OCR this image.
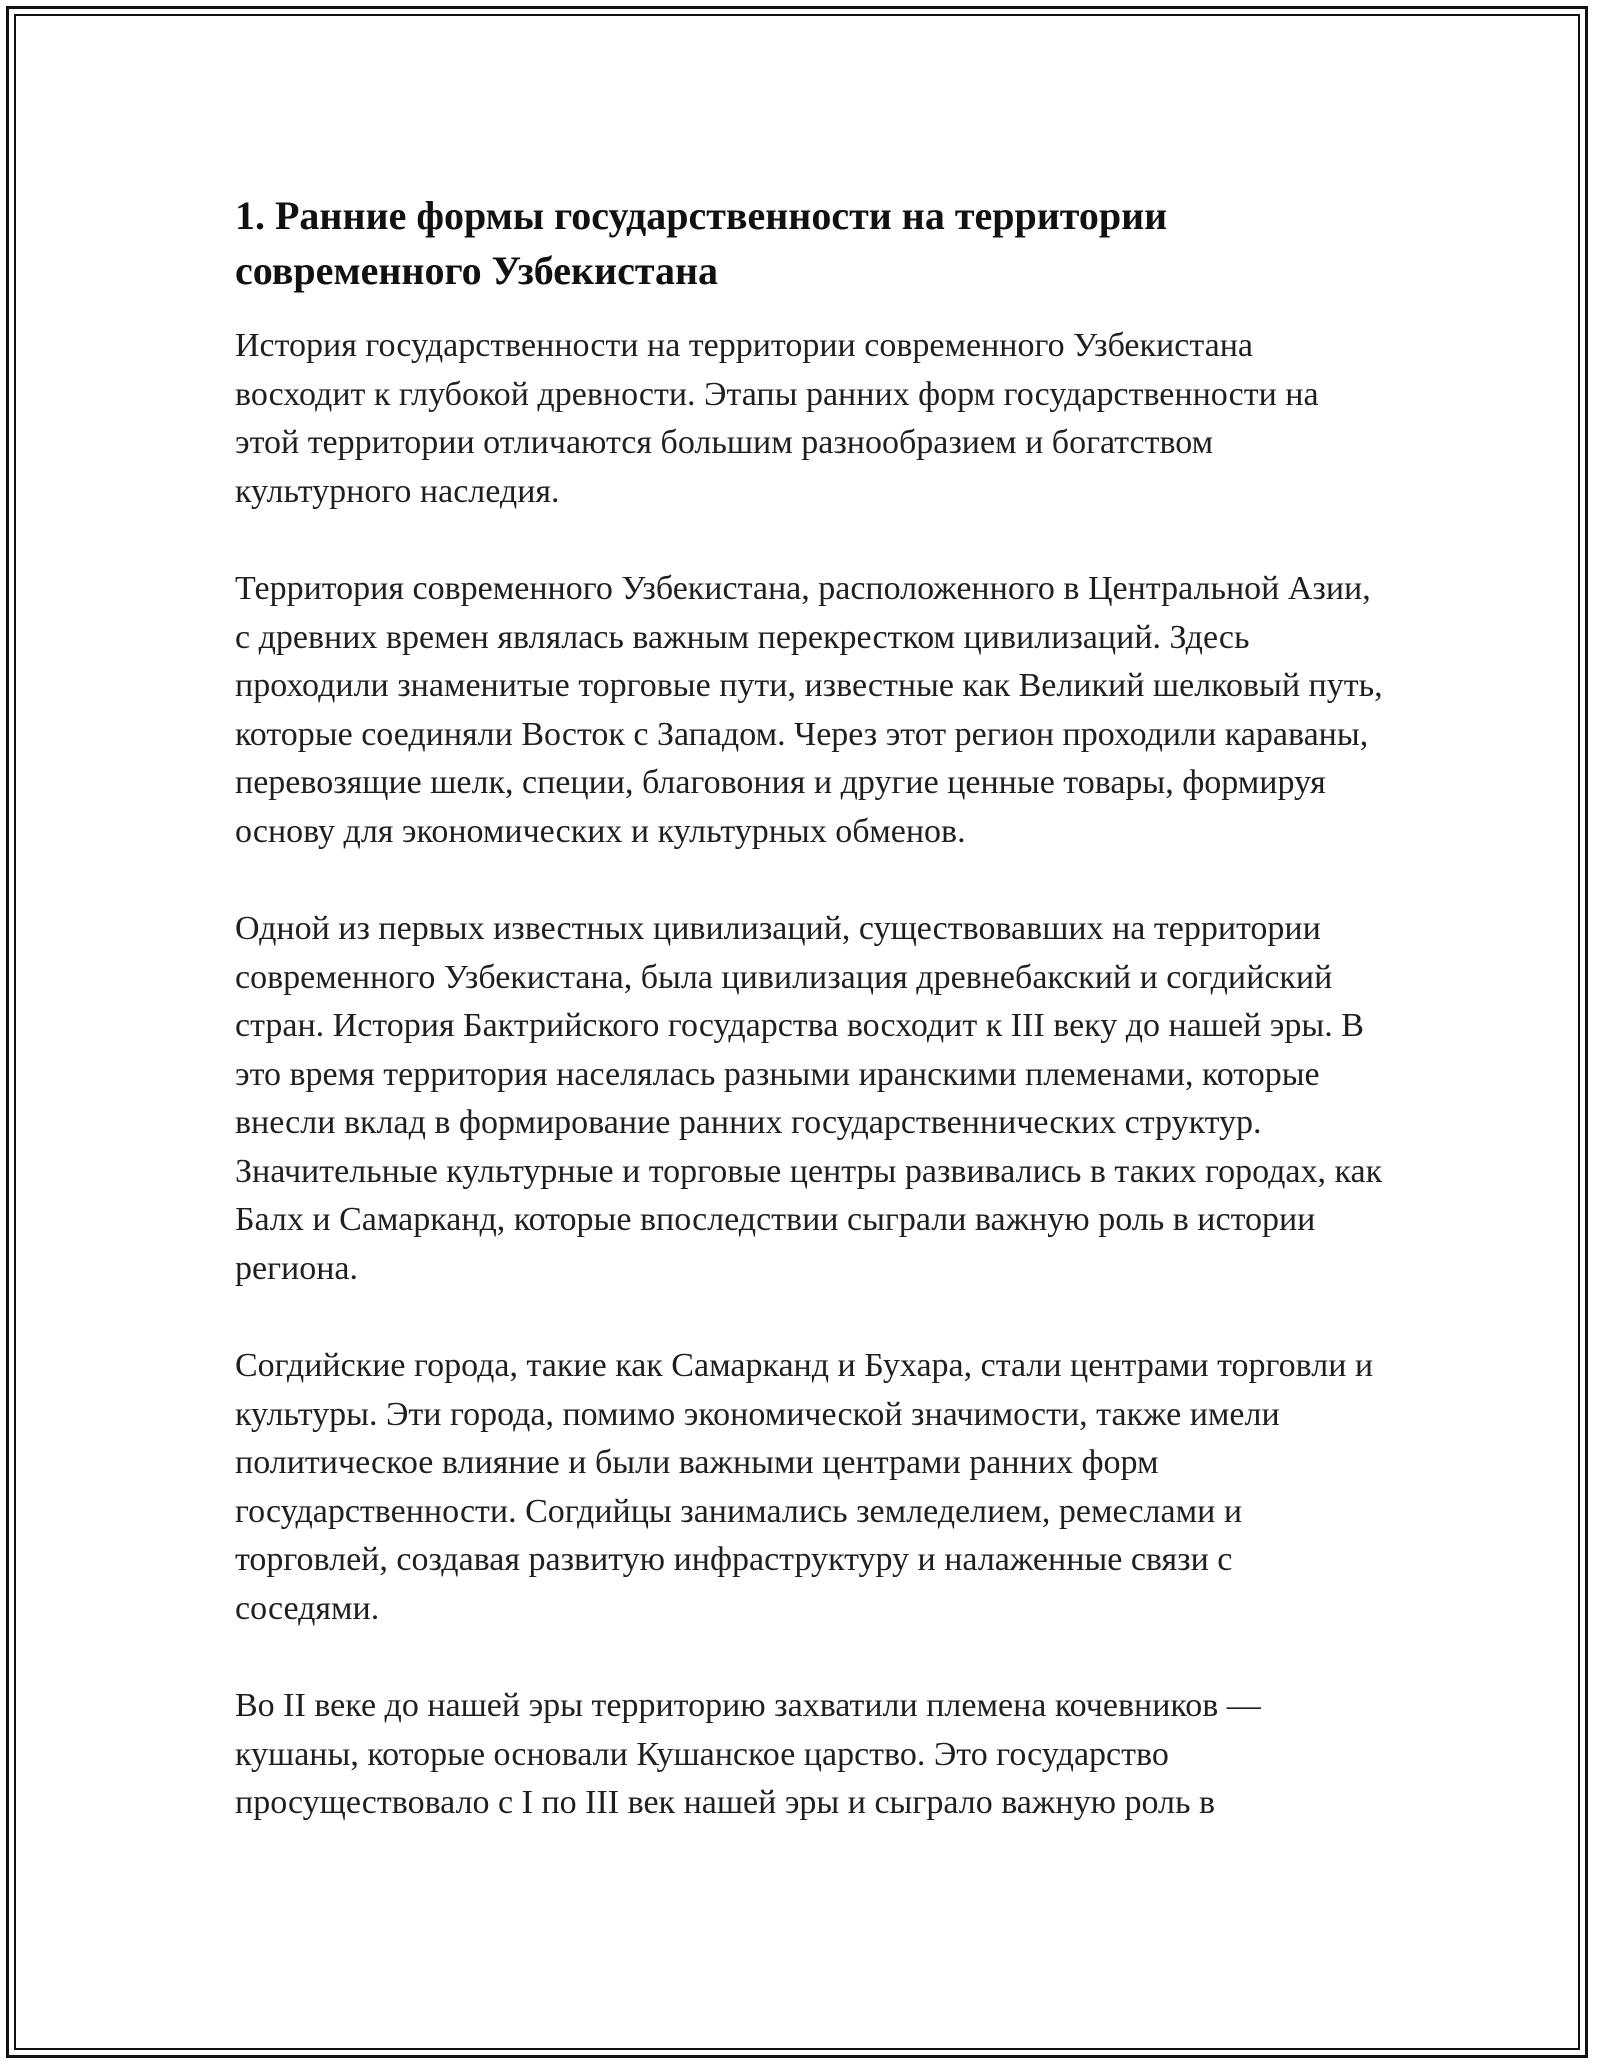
1. Ранние формы государственности на территории современного Узбекистана

История государственности на территории современного Узбекистана восходит к глубокой древности. Этапы ранних форм государственности на этой территории отличаются большим разнообразием и богатством культурного наследия.

Территория современного Узбекистана, расположенного в Центральной Азии, с древних времен являлась важным перекрестком цивилизаций. Здесь проходили знаменитые торговые пути, известные как Великий шелковый путь, которые соединяли Восток с Западом. Через этот регион проходили караваны, перевозящие шелк, специи, благовония и другие ценные товары, формируя основу для экономических и культурных обменов.

Одной из первых известных цивилизаций, существовавших на территории современного Узбекистана, была цивилизация древнебакский и согдийский стран. История Бактрийского государства восходит к III веку до нашей эры. В это время территория населялась разными иранскими племенами, которые внесли вклад в формирование ранних государственнических структур. Значительные культурные и торговые центры развивались в таких городах, как Балх и Самарканд, которые впоследствии сыграли важную роль в истории региона.

Согдийские города, такие как Самарканд и Бухара, стали центрами торговли и культуры. Эти города, помимо экономической значимости, также имели политическое влияние и были важными центрами ранних форм государственности. Согдийцы занимались земледелием, ремеслами и торговлей, создавая развитую инфраструктуру и налаженные связи с соседями.

Во II веке до нашей эры территорию захватили племена кочевников — кушаны, которые основали Кушанское царство. Это государство просуществовало с I по III век нашей эры и сыграло важную роль в
